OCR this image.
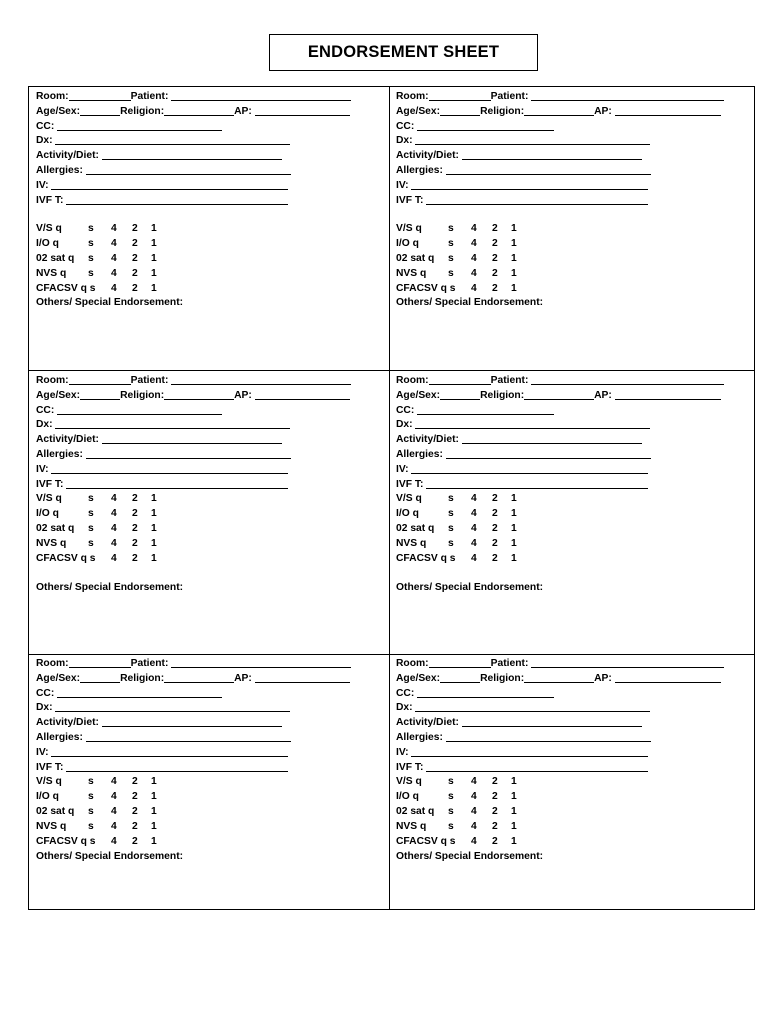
ENDORSEMENT SHEET
Room:	Patient:
Age/Sex:	Religion:	AP:
CC:
Dx:
Activity/Diet:
Allergies:
IV:
IVF T:
V/S q	s 4 2 1
I/O q	s 4 2 1
02 sat q s 4 2 1
NVS q s 4 2 1
CFACSV q s 4 2 1
Others/ Special Endorsement:
Room:	Patient:
Age/Sex:	Religion:	AP:
CC:
Dx:
Activity/Diet:
Allergies:
IV:
IVF T:
V/S q	s 4 2 1
I/O q	s 4 2 1
02 sat q s 4 2 1
NVS q s 4 2 1
CFACSV q s 4 2 1
Others/ Special Endorsement:
Room:	Patient:
Age/Sex:	Religion:	AP:
CC:
Dx:
Activity/Diet:
Allergies:
IV:
IVF T:
V/S q	s 4 2 1
I/O q	s 4 2 1
02 sat q s 4 2 1
NVS q s 4 2 1
CFACSV q s 4 2 1
Others/ Special Endorsement:
Room:	Patient:
Age/Sex:	Religion:	AP:
CC:
Dx:
Activity/Diet:
Allergies:
IV:
IVF T:
V/S q	s 4 2 1
I/O q	s 4 2 1
02 sat q s 4 2 1
NVS q s 4 2 1
CFACSV q s 4 2 1
Others/ Special Endorsement:
Room:	Patient:
Age/Sex:	Religion:	AP:
CC:
Dx:
Activity/Diet:
Allergies:
IV:
IVF T:
V/S q	s 4 2 1
I/O q	s 4 2 1
02 sat q s 4 2 1
NVS q s 4 2 1
CFACSV q s 4 2 1
Others/ Special Endorsement:
Room:	Patient:
Age/Sex:	Religion:	AP:
CC:
Dx:
Activity/Diet:
Allergies:
IV:
IVF T:
V/S q	s 4 2 1
I/O q	s 4 2 1
02 sat q s 4 2 1
NVS q s 4 2 1
CFACSV q s 4 2 1
Others/ Special Endorsement:
